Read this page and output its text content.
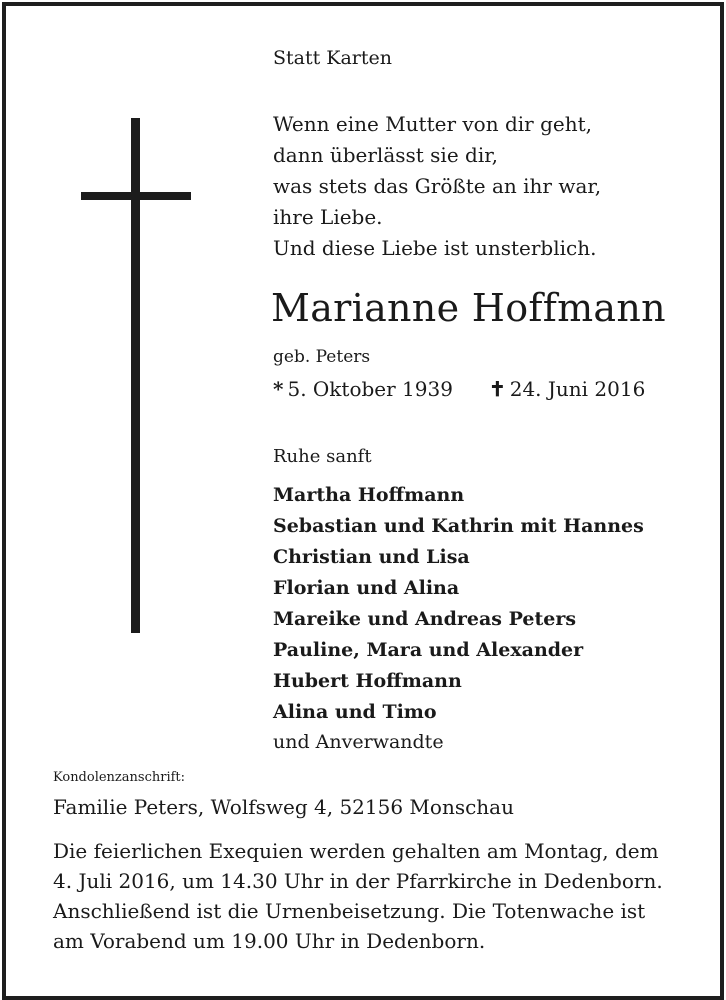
Statt Karten
Wenn eine Mutter von dir geht,
dann überlässt sie dir,
was stets das Größte an ihr war,
ihre Liebe.
Und diese Liebe ist unsterblich.
Marianne Hoffmann
geb. Peters
* 5. Oktober 1939 ✝ 24. Juni 2016
Ruhe sanft
Martha Hoffmann
Sebastian und Kathrin mit Hannes
Christian und Lisa
Florian und Alina
Mareike und Andreas Peters
Pauline, Mara und Alexander
Hubert Hoffmann
Alina und Timo
und Anverwandte
Kondolenzanschrift:
Familie Peters, Wolfsweg 4, 52156 Monschau
Die feierlichen Exequien werden gehalten am Montag, dem
4. Juli 2016, um 14.30 Uhr in der Pfarrkirche in Dedenborn.
Anschließend ist die Urnenbeisetzung. Die Totenwache ist
am Vorabend um 19.00 Uhr in Dedenborn.
